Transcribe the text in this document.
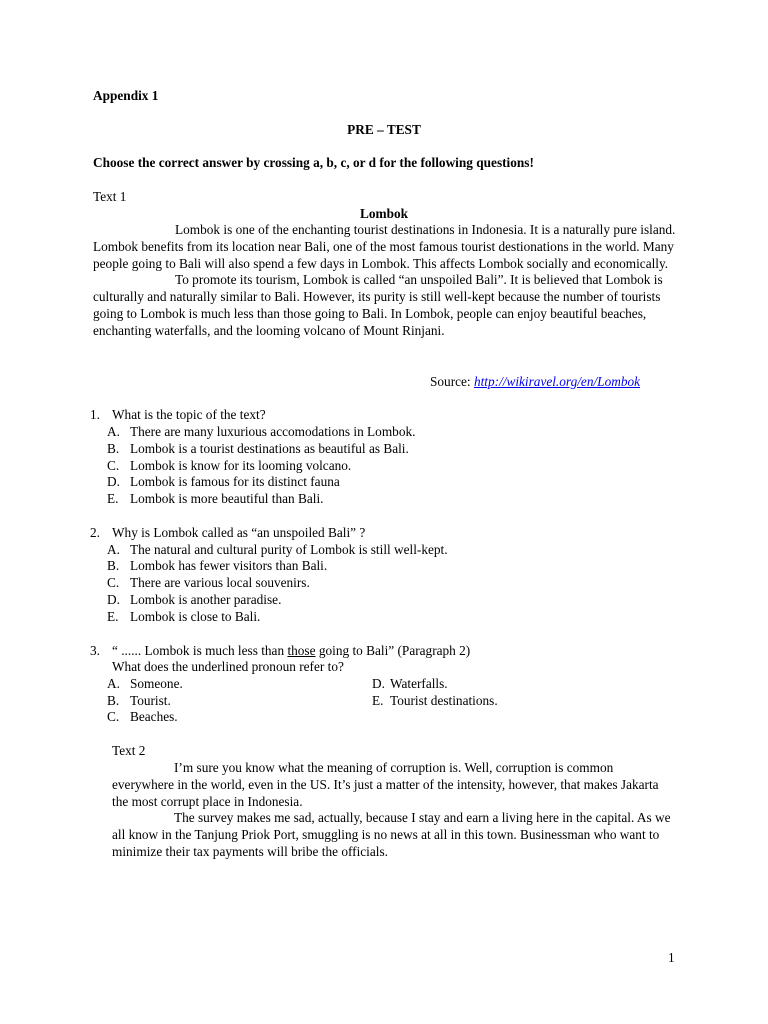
Appendix 1
PRE – TEST
Choose the correct answer by crossing a, b, c, or d for the following questions!
Text 1
Lombok

Lombok is one of the enchanting tourist destinations in Indonesia. It is a naturally pure island. Lombok benefits from its location near Bali, one of the most famous tourist destionations in the world. Many people going to Bali will also spend a few days in Lombok. This affects Lombok socially and economically.

To promote its tourism, Lombok is called “an unspoiled Bali”. It is believed that Lombok is culturally and naturally similar to Bali. However, its purity is still well-kept because the number of tourists going to Lombok is much less than those going to Bali. In Lombok, people can enjoy beautiful beaches, enchanting waterfalls, and the looming volcano of Mount Rinjani.

Source: http://wikiravel.org/en/Lombok
1. What is the topic of the text?
A. There are many luxurious accomodations in Lombok.
B. Lombok is a tourist destinations as beautiful as Bali.
C. Lombok is know for its looming volcano.
D. Lombok is famous for its distinct fauna
E. Lombok is more beautiful than Bali.
2. Why is Lombok called as “an unspoiled Bali” ?
A. The natural and cultural purity of Lombok is still well-kept.
B. Lombok has fewer visitors than Bali.
C. There are various local souvenirs.
D. Lombok is another paradise.
E. Lombok is close to Bali.
3. “ ...... Lombok is much less than those going to Bali” (Paragraph 2)
What does the underlined pronoun refer to?
A. Someone.	D. Waterfalls.
B. Tourist.	E. Tourist destinations.
C. Beaches.
Text 2

I’m sure you know what the meaning of corruption is. Well, corruption is common everywhere in the world, even in the US. It’s just a matter of the intensity, however, that makes Jakarta the most corrupt place in Indonesia.

The survey makes me sad, actually, because I stay and earn a living here in the capital. As we all know in the Tanjung Priok Port, smuggling is no news at all in this town. Businessman who want to minimize their tax payments will bribe the officials.

1
